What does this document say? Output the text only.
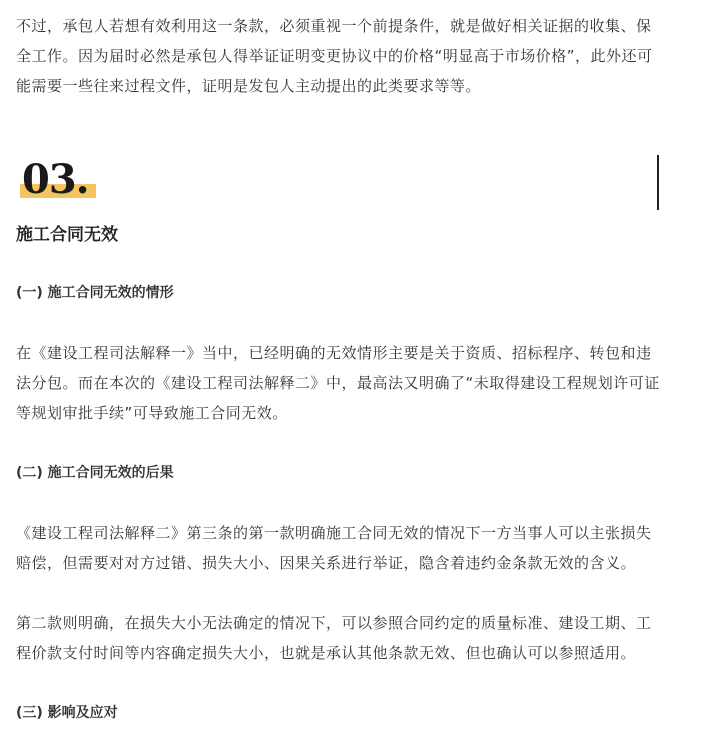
不过，承包人若想有效利用这一条款，必须重视一个前提条件，就是做好相关证据的收集、保全工作。因为届时必然是承包人得举证证明变更协议中的价格“明显高于市场价格”，此外还可能需要一些往来过程文件，证明是发包人主动提出的此类要求等等。

03.
施工合同无效
(一) 施工合同无效的情形

在《建设工程司法解释一》当中，已经明确的无效情形主要是关于资质、招标程序、转包和违法分包。而在本次的《建设工程司法解释二》中，最高法又明确了“未取得建设工程规划许可证等规划审批手续”可导致施工合同无效。

(二) 施工合同无效的后果

《建设工程司法解释二》第三条的第一款明确施工合同无效的情况下一方当事人可以主张损失赔偿，但需要对对方过错、损失大小、因果关系进行举证，隐含着违约金条款无效的含义。

第二款则明确，在损失大小无法确定的情况下，可以参照合同约定的质量标准、建设工期、工程价款支付时间等内容确定损失大小，也就是承认其他条款无效、但也确认可以参照适用。

(三) 影响及应对
